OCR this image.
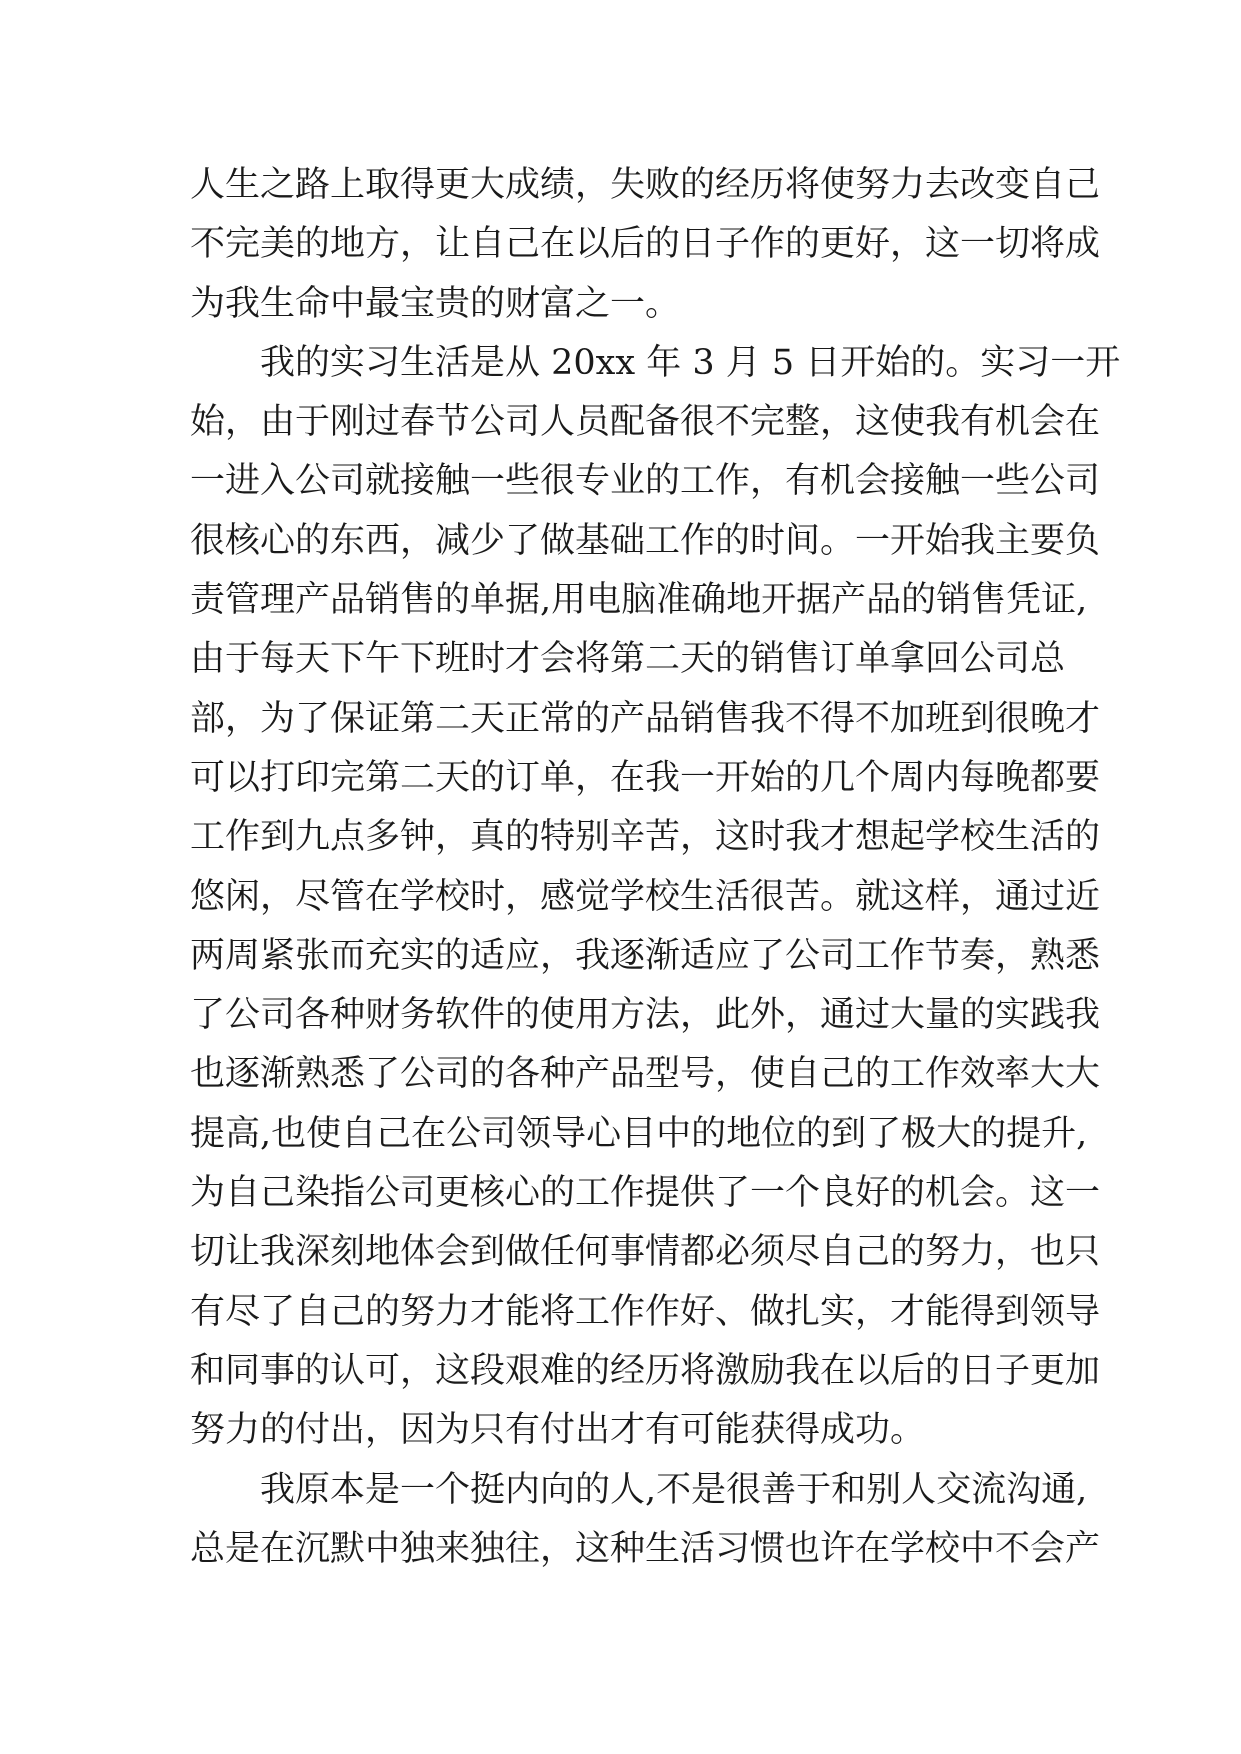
人生之路上取得更大成绩，失败的经历将使努力去改变自己
不完美的地方，让自己在以后的日子作的更好，这一切将成
为我生命中最宝贵的财富之一。
我的实习生活是从 20xx 年 3 月 5 日开始的。实习一开
始，由于刚过春节公司人员配备很不完整，这使我有机会在
一进入公司就接触一些很专业的工作，有机会接触一些公司
很核心的东西，减少了做基础工作的时间。一开始我主要负
责管理产品销售的单据,用电脑准确地开据产品的销售凭证,
由于每天下午下班时才会将第二天的销售订单拿回公司总
部，为了保证第二天正常的产品销售我不得不加班到很晚才
可以打印完第二天的订单，在我一开始的几个周内每晚都要
工作到九点多钟，真的特别辛苦，这时我才想起学校生活的
悠闲，尽管在学校时，感觉学校生活很苦。就这样，通过近
两周紧张而充实的适应，我逐渐适应了公司工作节奏，熟悉
了公司各种财务软件的使用方法，此外，通过大量的实践我
也逐渐熟悉了公司的各种产品型号，使自己的工作效率大大
提高,也使自己在公司领导心目中的地位的到了极大的提升,
为自己染指公司更核心的工作提供了一个良好的机会。这一
切让我深刻地体会到做任何事情都必须尽自己的努力，也只
有尽了自己的努力才能将工作作好、做扎实，才能得到领导
和同事的认可，这段艰难的经历将激励我在以后的日子更加
努力的付出，因为只有付出才有可能获得成功。
我原本是一个挺内向的人,不是很善于和别人交流沟通,
总是在沉默中独来独往，这种生活习惯也许在学校中不会产
